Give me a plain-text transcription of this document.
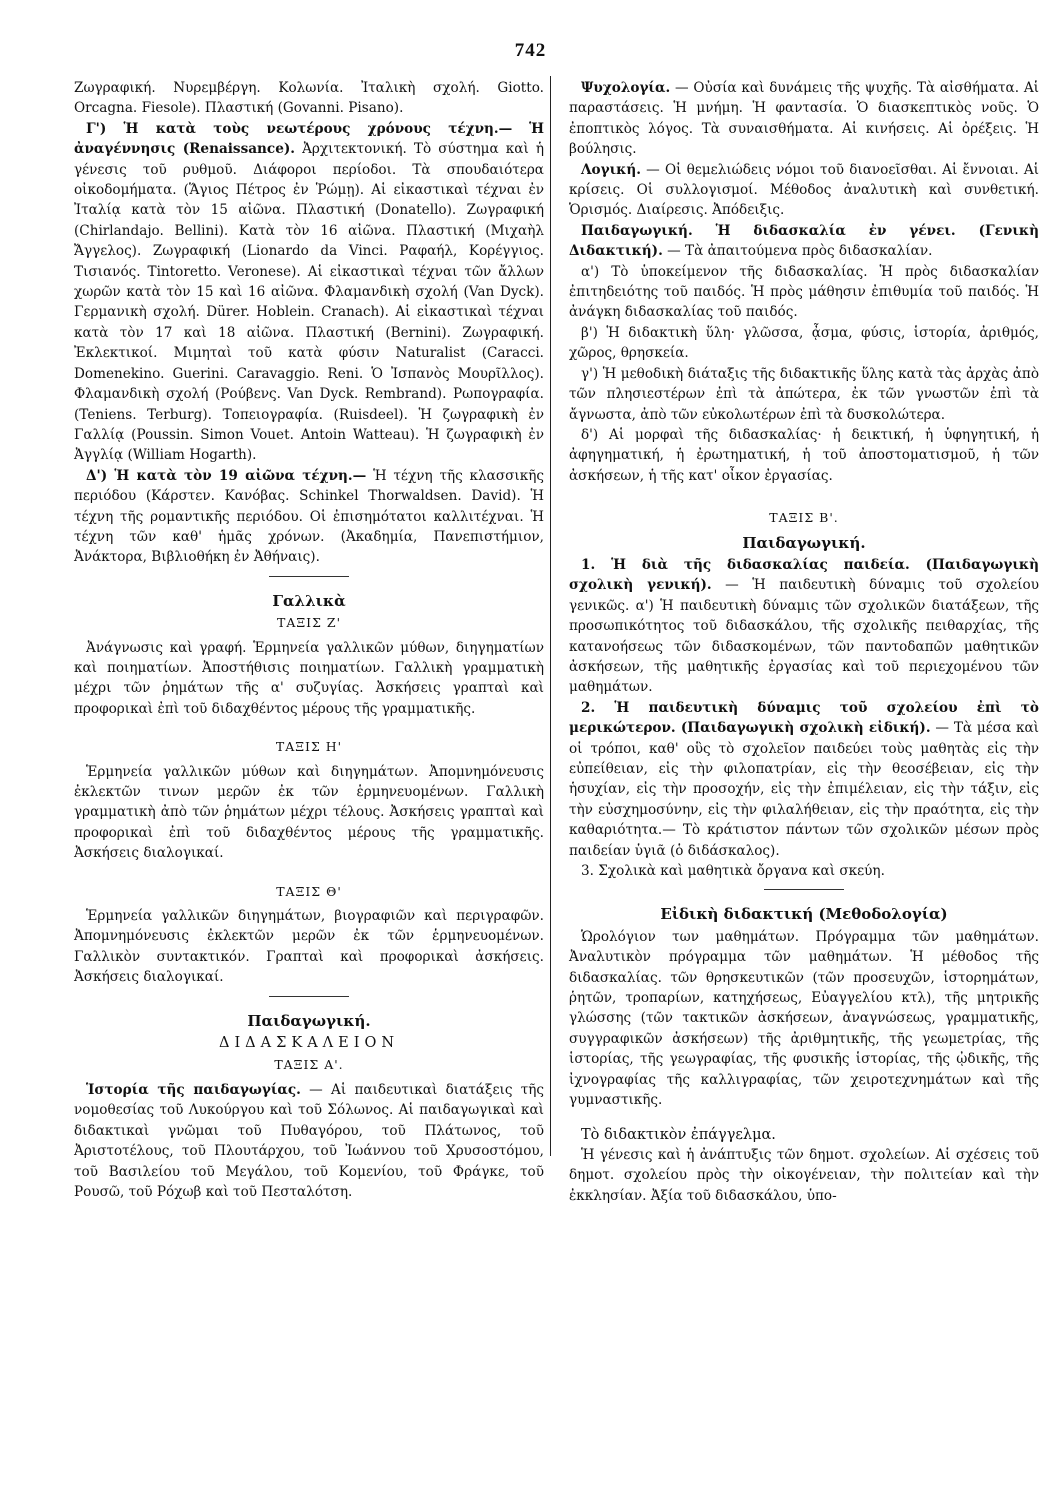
742

Ζωγραφική. Νυρεμβέργη. Κολωνία. Ἰταλικὴ σχολή. Giotto. Orcagna. Fiesole). Πλαστική (Govanni. Pisano).

Γ') Ἡ κατὰ τοὺς νεωτέρους χρόνους τέχνη.— Ἡ ἀναγέννησις (Renaissance). Ἀρχιτεκτονική. Τὸ σύστημα καὶ ἡ γένεσις τοῦ ρυθμοῦ. Διάφοροι περίοδοι. Τὰ σπουδαιότερα οἰκοδομήματα. (Ἅγιος Πέτρος ἐν Ῥώμῃ). Αἱ εἰκαστικαὶ τέχναι ἐν Ἰταλίᾳ κατὰ τὸν 15 αἰῶνα. Πλαστική (Donatello). Ζωγραφική (Chirlandajo. Bellini). Κατὰ τὸν 16 αἰῶνα. Πλαστική (Μιχαὴλ Ἄγγελος). Ζωγραφική (Lionardo da Vinci. Ραφαήλ, Κορέγγιος. Τισιανός. Tintoretto. Veronese). Αἱ εἰκαστικαὶ τέχναι τῶν ἄλλων χωρῶν κατὰ τὸν 15 καὶ 16 αἰῶνα. Φλαμανδικὴ σχολή (Van Dyck). Γερμανικὴ σχολή. Dürer. Hoblein. Cranach). Αἱ εἰκαστικαὶ τέχναι κατὰ τὸν 17 καὶ 18 αἰῶνα. Πλαστική (Bernini). Ζωγραφική. Ἐκλεκτικοί. Μιμηταὶ τοῦ κατὰ φύσιν Naturalist (Caracci. Domenekino. Guerini. Caravaggio. Reni. Ὁ Ἰσπανὸς Μουρῖλλος). Φλαμανδικὴ σχολή (Ρούβενς. Van Dyck. Rembrand). Ρωπογραφία. (Teniens. Terburg). Τοπειογραφία. (Ruisdeel). Ἡ ζωγραφικὴ ἐν Γαλλίᾳ (Poussin. Simon Vouet. Antoin Watteau). Ἡ ζωγραφικὴ ἐν Ἀγγλίᾳ (William Hogarth).

Δ') Ἡ κατὰ τὸν 19 αἰῶνα τέχνη.— Ἡ τέχνη τῆς κλασσικῆς περιόδου (Κάρστεν. Κανόβας. Schinkel Thorwaldsen. David). Ἡ τέχνη τῆς ρομαντικῆς περιόδου. Οἱ ἐπισημότατοι καλλιτέχναι. Ἡ τέχνη τῶν καθ' ἡμᾶς χρόνων. (Ἀκαδημία, Πανεπιστήμιον, Ἀνάκτορα, Βιβλιοθήκη ἐν Ἀθήναις).

Γαλλικὰ
ΤΑΞΙΣ Ζ'

Ἀνάγνωσις καὶ γραφή. Ἑρμηνεία γαλλικῶν μύθων, διηγηματίων καὶ ποιηματίων. Ἀποστήθισις ποιηματίων. Γαλλικὴ γραμματικὴ μέχρι τῶν ῥημάτων τῆς α' συζυγίας. Ἀσκήσεις γραπταὶ καὶ προφορικαὶ ἐπὶ τοῦ διδαχθέντος μέρους τῆς γραμματικῆς.

ΤΑΞΙΣ Η'

Ἑρμηνεία γαλλικῶν μύθων καὶ διηγημάτων. Ἀπομνημόνευσις ἐκλεκτῶν τινων μερῶν ἐκ τῶν ἑρμηνευομένων. Γαλλικὴ γραμματικὴ ἀπὸ τῶν ῥημάτων μέχρι τέλους. Ἀσκήσεις γραπταὶ καὶ προφορικαὶ ἐπὶ τοῦ διδαχθέντος μέρους τῆς γραμματικῆς. Ἀσκήσεις διαλογικαί.

ΤΑΞΙΣ Θ'

Ἑρμηνεία γαλλικῶν διηγημάτων, βιογραφιῶν καὶ περιγραφῶν. Ἀπομνημόνευσις ἐκλεκτῶν μερῶν ἐκ τῶν ἑρμηνευομένων. Γαλλικὸν συντακτικόν. Γραπταὶ καὶ προφορικαὶ ἀσκήσεις. Ἀσκήσεις διαλογικαί.

Παιδαγωγική.
ΔΙΔΑΣΚΑΛΕΙΟΝ
ΤΑΞΙΣ Α'.

Ἱστορία τῆς παιδαγωγίας. — Αἱ παιδευτικαὶ διατάξεις τῆς νομοθεσίας τοῦ Λυκούργου καὶ τοῦ Σόλωνος. Αἱ παιδαγωγικαὶ καὶ διδακτικαὶ γνῶμαι τοῦ Πυθαγόρου, τοῦ Πλάτωνος, τοῦ Ἀριστοτέλους, τοῦ Πλουτάρχου, τοῦ Ἰωάννου τοῦ Χρυσοστόμου, τοῦ Βασιλείου τοῦ Μεγάλου, τοῦ Κομενίου, τοῦ Φράγκε, τοῦ Ρουσῶ, τοῦ Ρόχωβ καὶ τοῦ Πεσταλότση.

Ψυχολογία. — Οὐσία καὶ δυνάμεις τῆς ψυχῆς. Τὰ αἰσθήματα. Αἱ παραστάσεις. Ἡ μνήμη. Ἡ φαντασία. Ὁ διασκεπτικὸς νοῦς. Ὁ ἐποπτικὸς λόγος. Τὰ συναισθήματα. Αἱ κινήσεις. Αἱ ὀρέξεις. Ἡ βούλησις.

Λογική. — Οἱ θεμελιώδεις νόμοι τοῦ διανοεῖσθαι. Αἱ ἔννοιαι. Αἱ κρίσεις. Οἱ συλλογισμοί. Μέθοδος ἀναλυτικὴ καὶ συνθετική. Ὁρισμός. Διαίρεσις. Ἀπόδειξις.

Παιδαγωγική. Ἡ διδασκαλία ἐν γένει. (Γενικὴ Διδακτική). — Τὰ ἀπαιτούμενα πρὸς διδασκαλίαν.

α') Τὸ ὑποκείμενον τῆς διδασκαλίας. Ἡ πρὸς διδασκαλίαν ἐπιτηδειότης τοῦ παιδός. Ἡ πρὸς μάθησιν ἐπιθυμία τοῦ παιδός. Ἡ ἀνάγκη διδασκαλίας τοῦ παιδός.

β') Ἡ διδακτικὴ ὕλη· γλῶσσα, ᾆσμα, φύσις, ἱστορία, ἀριθμός, χῶρος, θρησκεία.

γ') Ἡ μεθοδικὴ διάταξις τῆς διδακτικῆς ὕλης κατὰ τὰς ἀρχὰς ἀπὸ τῶν πλησιεστέρων ἐπὶ τὰ ἀπώτερα, ἐκ τῶν γνωστῶν ἐπὶ τὰ ἄγνωστα, ἀπὸ τῶν εὐκολωτέρων ἐπὶ τὰ δυσκολώτερα.

δ') Αἱ μορφαὶ τῆς διδασκαλίας· ἡ δεικτική, ἡ ὑφηγητική, ἡ ἀφηγηματική, ἡ ἐρωτηματική, ἡ τοῦ ἀποστοματισμοῦ, ἡ τῶν ἀσκήσεων, ἡ τῆς κατ' οἶκον ἐργασίας.

ΤΑΞΙΣ Β'.
Παιδαγωγική.

1. Ἡ διὰ τῆς διδασκαλίας παιδεία. (Παιδαγωγικὴ σχολικὴ γενική). — Ἡ παιδευτικὴ δύναμις τοῦ σχολείου γενικῶς. α') Ἡ παιδευτικὴ δύναμις τῶν σχολικῶν διατάξεων, τῆς προσωπικότητος τοῦ διδασκάλου, τῆς σχολικῆς πειθαρχίας, τῆς κατανοήσεως τῶν διδασκομένων, τῶν παντοδαπῶν μαθητικῶν ἀσκήσεων, τῆς μαθητικῆς ἐργασίας καὶ τοῦ περιεχομένου τῶν μαθημάτων.

2. Ἡ παιδευτικὴ δύναμις τοῦ σχολείου ἐπὶ τὸ μερικώτερον. (Παιδαγωγικὴ σχολικὴ εἰδική). — Τὰ μέσα καὶ οἱ τρόποι, καθ' οὓς τὸ σχολεῖον παιδεύει τοὺς μαθητὰς εἰς τὴν εὐπείθειαν, εἰς τὴν φιλοπατρίαν, εἰς τὴν θεοσέβειαν, εἰς τὴν ἡσυχίαν, εἰς τὴν προσοχήν, εἰς τὴν ἐπιμέλειαν, εἰς τὴν τάξιν, εἰς τὴν εὐσχημοσύνην, εἰς τὴν φιλαλήθειαν, εἰς τὴν πραότητα, εἰς τὴν καθαριότητα.— Τὸ κράτιστον πάντων τῶν σχολικῶν μέσων πρὸς παιδείαν ὑγιᾶ (ὁ διδάσκαλος).

3. Σχολικὰ καὶ μαθητικὰ ὄργανα καὶ σκεύη.

Εἰδικὴ διδακτική (Μεθοδολογία)

Ὡρολόγιον των μαθημάτων. Πρόγραμμα τῶν μαθημάτων. Ἀναλυτικὸν πρόγραμμα τῶν μαθημάτων. Ἡ μέθοδος τῆς διδασκαλίας. τῶν θρησκευτικῶν (τῶν προσευχῶν, ἱστορημάτων, ῥητῶν, τροπαρίων, κατηχήσεως, Εὐαγγελίου κτλ), τῆς μητρικῆς γλώσσης (τῶν τακτικῶν ἀσκήσεων, ἀναγνώσεως, γραμματικῆς, συγγραφικῶν ἀσκήσεων) τῆς ἀριθμητικῆς, τῆς γεωμετρίας, τῆς ἱστορίας, τῆς γεωγραφίας, τῆς φυσικῆς ἱστορίας, τῆς ᾠδικῆς, τῆς ἰχνογραφίας τῆς καλλιγραφίας, τῶν χειροτεχνημάτων καὶ τῆς γυμναστικῆς.

Τὸ διδακτικὸν ἐπάγγελμα.

Ἡ γένεσις καὶ ἡ ἀνάπτυξις τῶν δημοτ. σχολείων. Αἱ σχέσεις τοῦ δημοτ. σχολείου πρὸς τὴν οἰκογένειαν, τὴν πολιτείαν καὶ τὴν ἐκκλησίαν. Ἀξία τοῦ διδασκάλου, ὑπο-
